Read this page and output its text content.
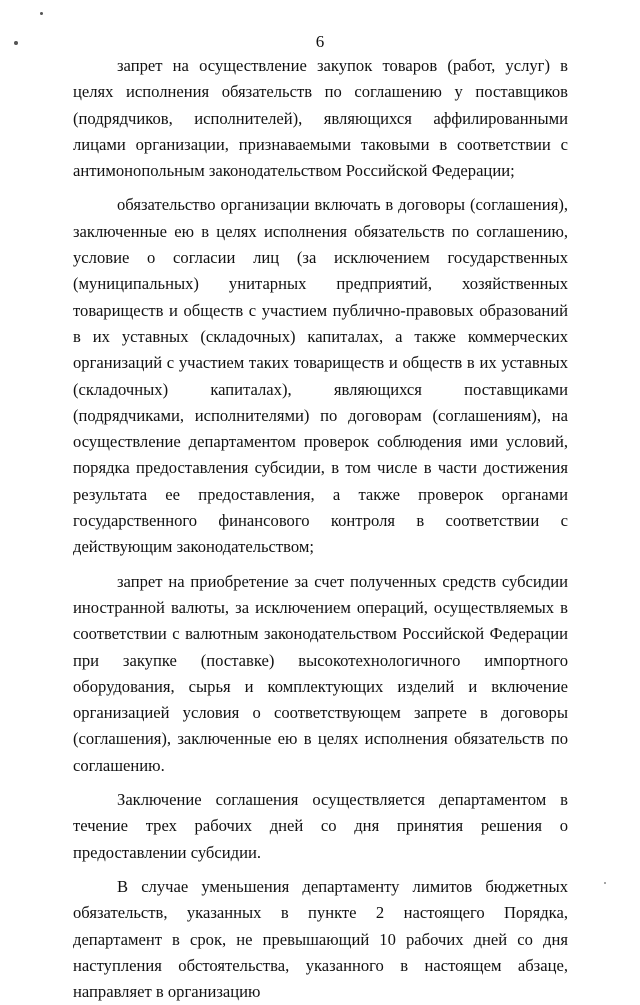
6

запрет на осуществление закупок товаров (работ, услуг) в целях исполнения обязательств по соглашению у поставщиков (подрядчиков, исполнителей), являющихся аффилированными лицами организации, признаваемыми таковыми в соответствии с антимонопольным законодательством Российской Федерации;

обязательство организации включать в договоры (соглашения), заключенные ею в целях исполнения обязательств по соглашению, условие о согласии лиц (за исключением государственных (муниципальных) унитарных предприятий, хозяйственных товариществ и обществ с участием публично-правовых образований в их уставных (складочных) капиталах, а также коммерческих организаций с участием таких товариществ и обществ в их уставных (складочных) капиталах), являющихся поставщиками (подрядчиками, исполнителями) по договорам (соглашениям), на осуществление департаментом проверок соблюдения ими условий, порядка предоставления субсидии, в том числе в части достижения результата ее предоставления, а также проверок органами государственного финансового контроля в соответствии с действующим законодательством;

запрет на приобретение за счет полученных средств субсидии иностранной валюты, за исключением операций, осуществляемых в соответствии с валютным законодательством Российской Федерации при закупке (поставке) высокотехнологичного импортного оборудования, сырья и комплектующих изделий и включение организацией условия о соответствующем запрете в договоры (соглашения), заключенные ею в целях исполнения обязательств по соглашению.

Заключение соглашения осуществляется департаментом в течение трех рабочих дней со дня принятия решения о предоставлении субсидии.

В случае уменьшения департаменту лимитов бюджетных обязательств, указанных в пункте 2 настоящего Порядка, департамент в срок, не превышающий 10 рабочих дней со дня наступления обстоятельства, указанного в настоящем абзаце, направляет в организацию
